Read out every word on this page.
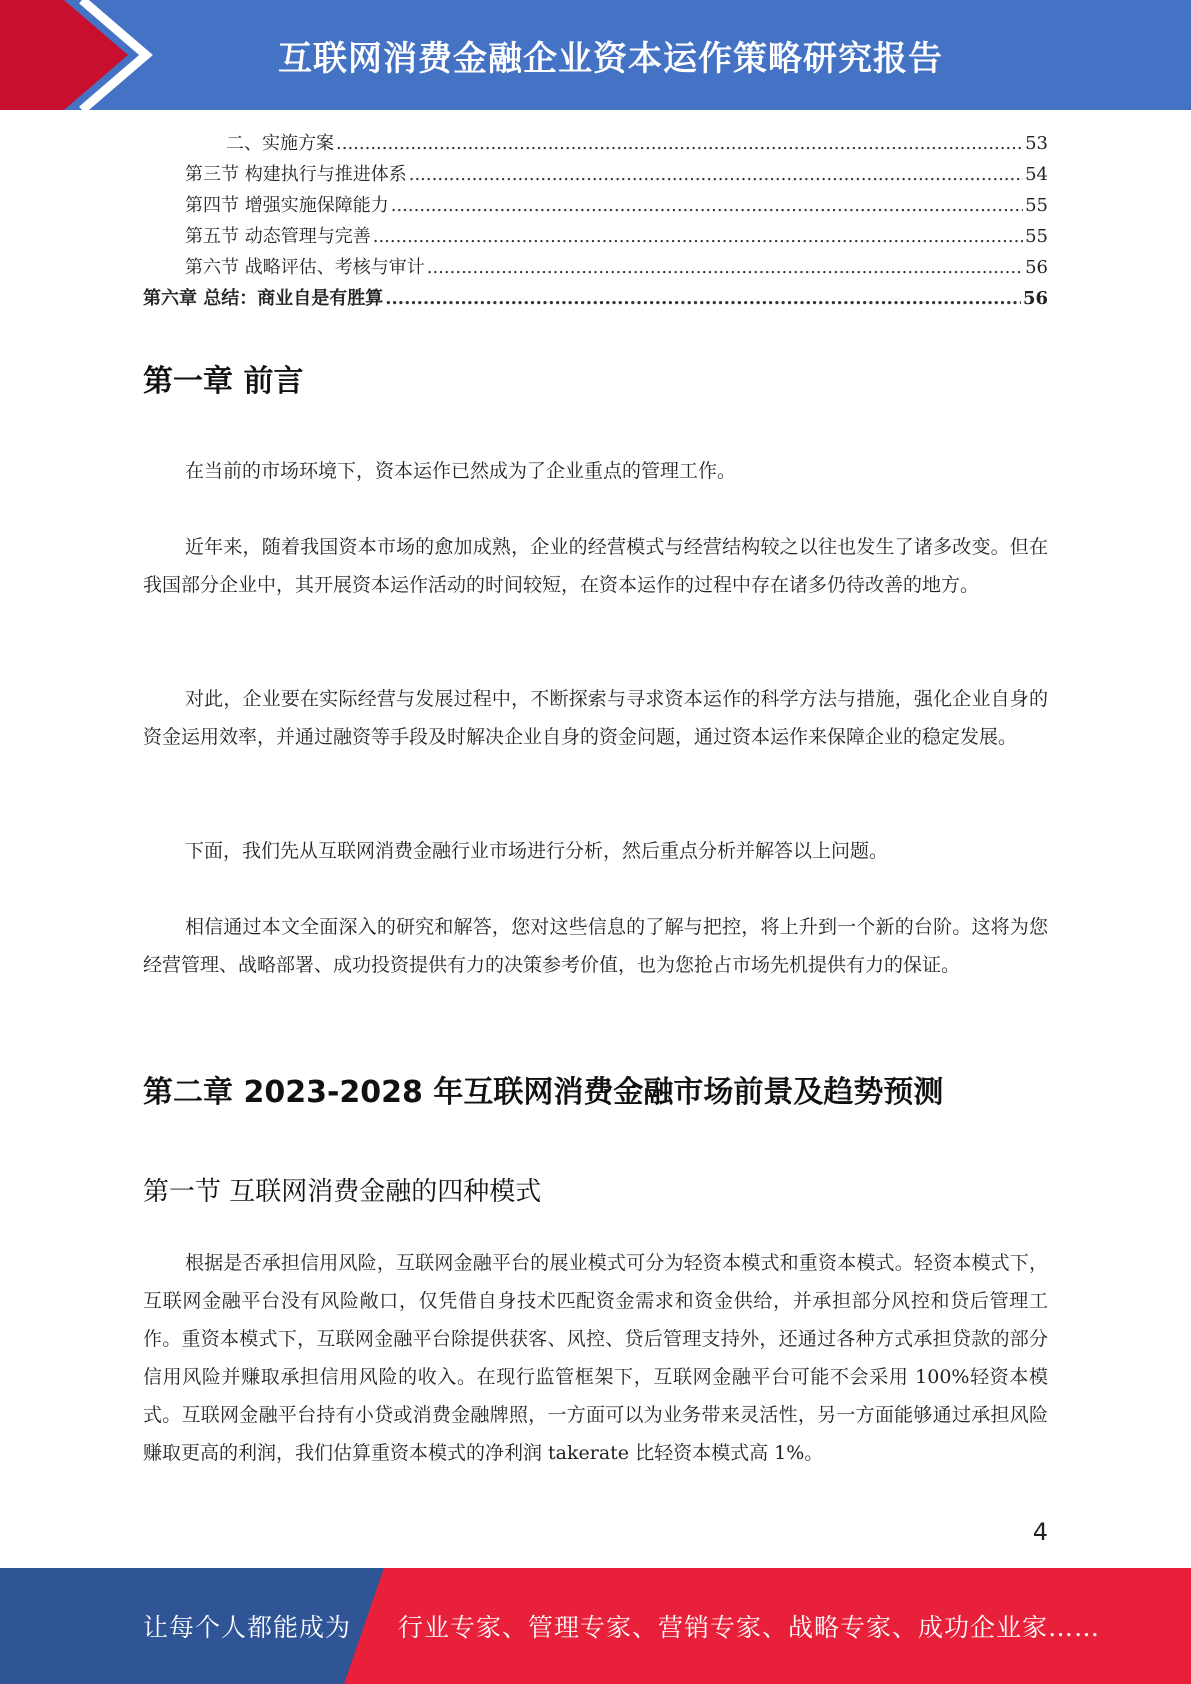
互联网消费金融企业资本运作策略研究报告
二、实施方案 .....	53
第三节 构建执行与推进体系 .....	54
第四节 增强实施保障能力 .....	55
第五节 动态管理与完善 .....	55
第六节 战略评估、考核与审计 .....	56
第六章 总结：商业自是有胜算 .....	56
第一章 前言

在当前的市场环境下，资本运作已然成为了企业重点的管理工作。

近年来，随着我国资本市场的愈加成熟，企业的经营模式与经营结构较之以往也发生了诸多改变。但在我国部分企业中，其开展资本运作活动的时间较短，在资本运作的过程中存在诸多仍待改善的地方。

对此，企业要在实际经营与发展过程中，不断探索与寻求资本运作的科学方法与措施，强化企业自身的资金运用效率，并通过融资等手段及时解决企业自身的资金问题，通过资本运作来保障企业的稳定发展。

下面，我们先从互联网消费金融行业市场进行分析，然后重点分析并解答以上问题。

相信通过本文全面深入的研究和解答，您对这些信息的了解与把控，将上升到一个新的台阶。这将为您经营管理、战略部署、成功投资提供有力的决策参考价值，也为您抢占市场先机提供有力的保证。

第二章 2023-2028 年互联网消费金融市场前景及趋势预测
第一节 互联网消费金融的四种模式

根据是否承担信用风险，互联网金融平台的展业模式可分为轻资本模式和重资本模式。轻资本模式下，互联网金融平台没有风险敞口，仅凭借自身技术匹配资金需求和资金供给，并承担部分风控和贷后管理工作。重资本模式下，互联网金融平台除提供获客、风控、贷后管理支持外，还通过各种方式承担贷款的部分信用风险并赚取承担信用风险的收入。在现行监管框架下，互联网金融平台可能不会采用 100%轻资本模式。互联网金融平台持有小贷或消费金融牌照，一方面可以为业务带来灵活性，另一方面能够通过承担风险赚取更高的利润，我们估算重资本模式的净利润 takerate 比轻资本模式高 1%。

4
让每个人都能成为 行业专家、管理专家、营销专家、战略专家、成功企业家……
